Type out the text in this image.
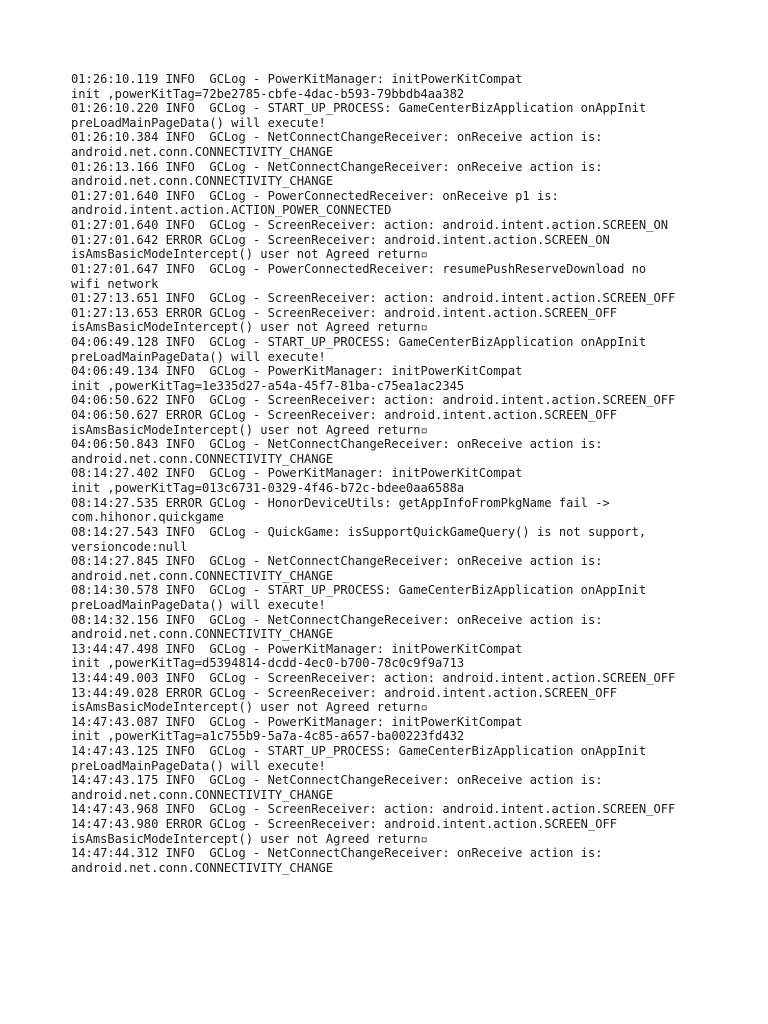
01:26:10.119 INFO  GCLog - PowerKitManager: initPowerKitCompat
init ,powerKitTag=72be2785-cbfe-4dac-b593-79bbdb4aa382
01:26:10.220 INFO  GCLog - START_UP_PROCESS: GameCenterBizApplication onAppInit
preLoadMainPageData() will execute!
01:26:10.384 INFO  GCLog - NetConnectChangeReceiver: onReceive action is:
android.net.conn.CONNECTIVITY_CHANGE
01:26:13.166 INFO  GCLog - NetConnectChangeReceiver: onReceive action is:
android.net.conn.CONNECTIVITY_CHANGE
01:27:01.640 INFO  GCLog - PowerConnectedReceiver: onReceive p1 is:
android.intent.action.ACTION_POWER_CONNECTED
01:27:01.640 INFO  GCLog - ScreenReceiver: action: android.intent.action.SCREEN_ON
01:27:01.642 ERROR GCLog - ScreenReceiver: android.intent.action.SCREEN_ON
isAmsBasicModeIntercept() user not Agreed return▫
01:27:01.647 INFO  GCLog - PowerConnectedReceiver: resumePushReserveDownload no
wifi network
01:27:13.651 INFO  GCLog - ScreenReceiver: action: android.intent.action.SCREEN_OFF
01:27:13.653 ERROR GCLog - ScreenReceiver: android.intent.action.SCREEN_OFF
isAmsBasicModeIntercept() user not Agreed return▫
04:06:49.128 INFO  GCLog - START_UP_PROCESS: GameCenterBizApplication onAppInit
preLoadMainPageData() will execute!
04:06:49.134 INFO  GCLog - PowerKitManager: initPowerKitCompat
init ,powerKitTag=1e335d27-a54a-45f7-81ba-c75ea1ac2345
04:06:50.622 INFO  GCLog - ScreenReceiver: action: android.intent.action.SCREEN_OFF
04:06:50.627 ERROR GCLog - ScreenReceiver: android.intent.action.SCREEN_OFF
isAmsBasicModeIntercept() user not Agreed return▫
04:06:50.843 INFO  GCLog - NetConnectChangeReceiver: onReceive action is:
android.net.conn.CONNECTIVITY_CHANGE
08:14:27.402 INFO  GCLog - PowerKitManager: initPowerKitCompat
init ,powerKitTag=013c6731-0329-4f46-b72c-bdee0aa6588a
08:14:27.535 ERROR GCLog - HonorDeviceUtils: getAppInfoFromPkgName fail ->
com.hihonor.quickgame
08:14:27.543 INFO  GCLog - QuickGame: isSupportQuickGameQuery() is not support,
versioncode:null
08:14:27.845 INFO  GCLog - NetConnectChangeReceiver: onReceive action is:
android.net.conn.CONNECTIVITY_CHANGE
08:14:30.578 INFO  GCLog - START_UP_PROCESS: GameCenterBizApplication onAppInit
preLoadMainPageData() will execute!
08:14:32.156 INFO  GCLog - NetConnectChangeReceiver: onReceive action is:
android.net.conn.CONNECTIVITY_CHANGE
13:44:47.498 INFO  GCLog - PowerKitManager: initPowerKitCompat
init ,powerKitTag=d5394814-dcdd-4ec0-b700-78c0c9f9a713
13:44:49.003 INFO  GCLog - ScreenReceiver: action: android.intent.action.SCREEN_OFF
13:44:49.028 ERROR GCLog - ScreenReceiver: android.intent.action.SCREEN_OFF
isAmsBasicModeIntercept() user not Agreed return▫
14:47:43.087 INFO  GCLog - PowerKitManager: initPowerKitCompat
init ,powerKitTag=a1c755b9-5a7a-4c85-a657-ba00223fd432
14:47:43.125 INFO  GCLog - START_UP_PROCESS: GameCenterBizApplication onAppInit
preLoadMainPageData() will execute!
14:47:43.175 INFO  GCLog - NetConnectChangeReceiver: onReceive action is:
android.net.conn.CONNECTIVITY_CHANGE
14:47:43.968 INFO  GCLog - ScreenReceiver: action: android.intent.action.SCREEN_OFF
14:47:43.980 ERROR GCLog - ScreenReceiver: android.intent.action.SCREEN_OFF
isAmsBasicModeIntercept() user not Agreed return▫
14:47:44.312 INFO  GCLog - NetConnectChangeReceiver: onReceive action is:
android.net.conn.CONNECTIVITY_CHANGE
